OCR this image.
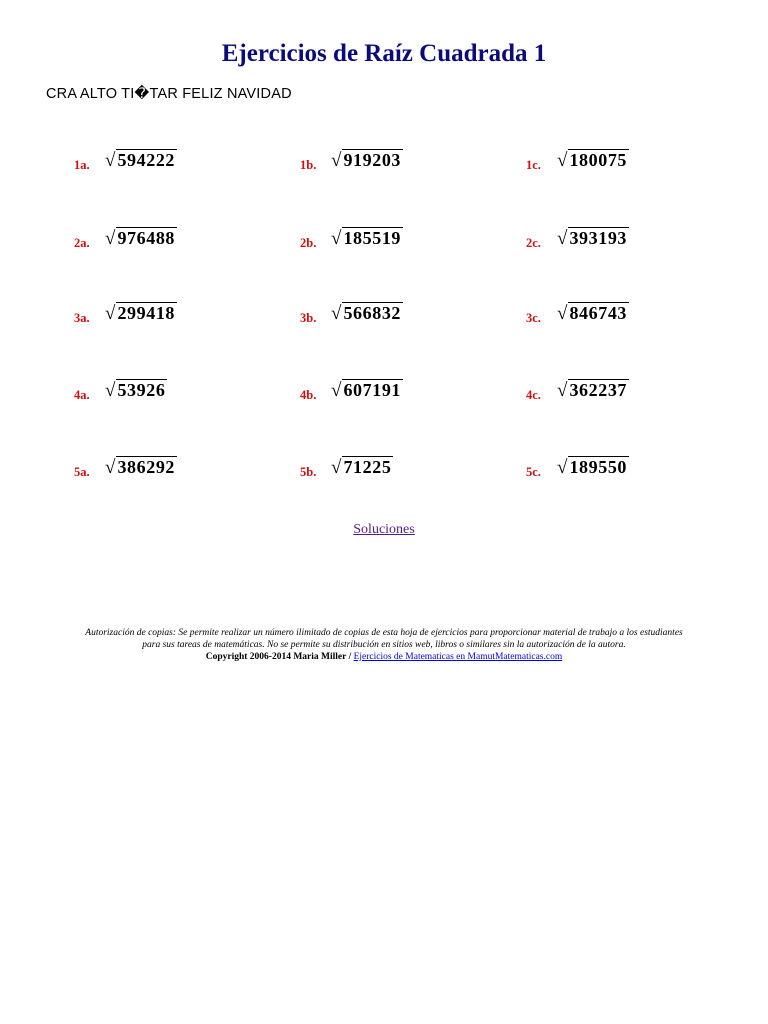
Ejercicios de Raíz Cuadrada 1
CRA ALTO TI�TAR FELIZ NAVIDAD
1a. √ 594222	1b. √ 919203	1c. √ 180075
2a. √ 976488	2b. √ 185519	2c. √ 393193
3a. √ 299418	3b. √ 566832	3c. √ 846743
4a. √ 53926	4b. √ 607191	4c. √ 362237
5a. √ 386292	5b. √ 71225	5c. √ 189550
Soluciones
Autorización de copias: Se permite realizar un número ilimitado de copias de esta hoja de ejercicios para proporcionar material de trabajo a los estudiantes
para sus tareas de matemáticas. No se permite su distribución en sitios web, libros o similares sin la autorización de la autora.
Copyright 2006-2014 Maria Miller / Ejercicios de Matematicas en MamutMatematicas.com
